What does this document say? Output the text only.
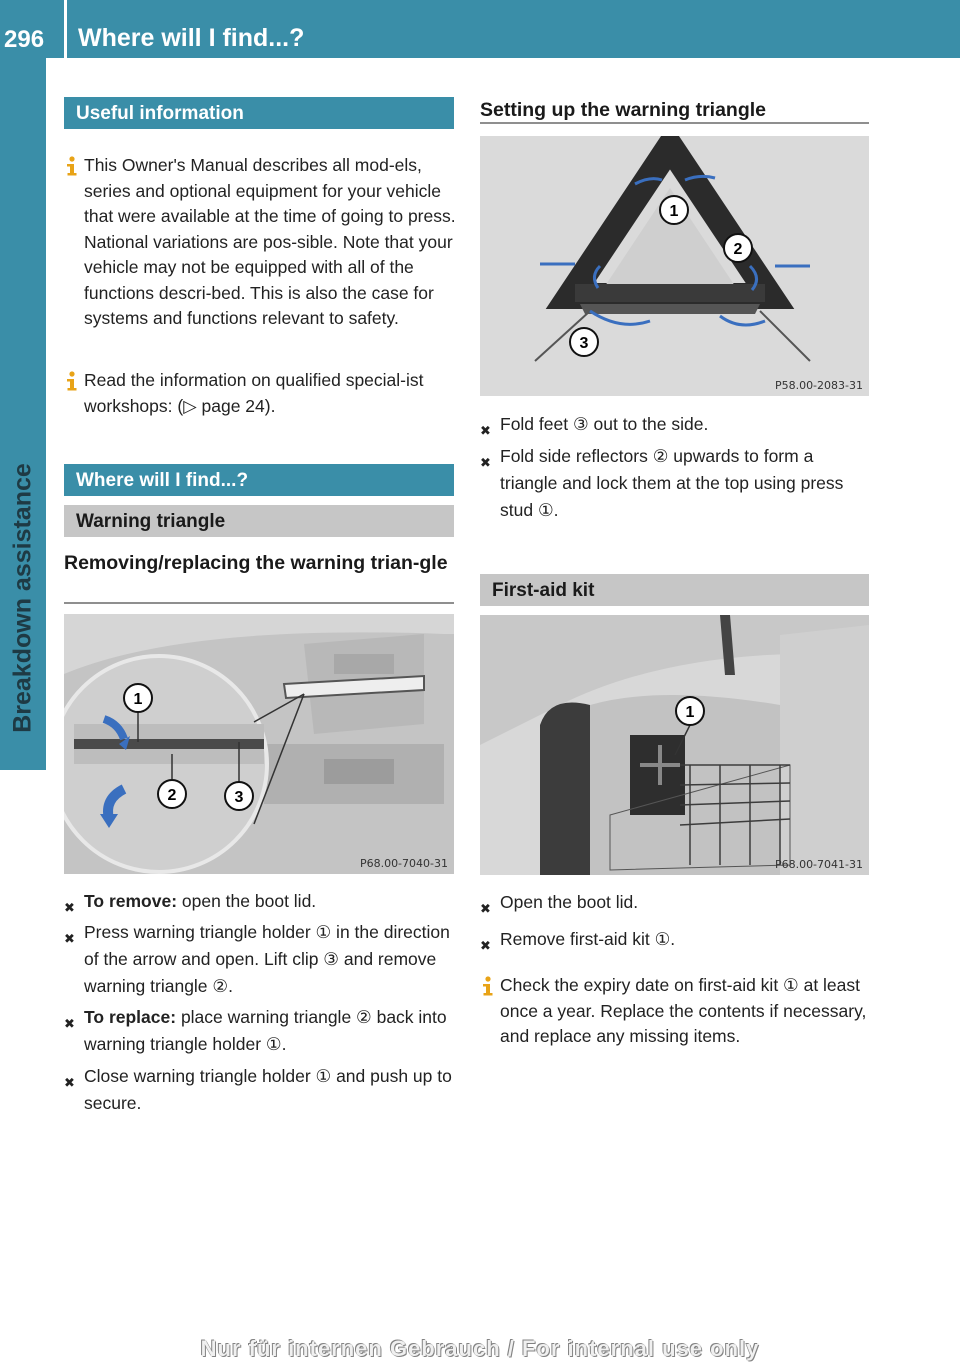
296 Where will I find...?
Breakdown assistance
Useful information
This Owner's Manual describes all mod-els, series and optional equipment for your vehicle that were available at the time of going to press. National variations are pos-sible. Note that your vehicle may not be equipped with all of the functions descri-bed. This is also the case for systems and functions relevant to safety.
Read the information on qualified special-ist workshops: (▷ page 24).
Where will I find...?
Warning triangle
Removing/replacing the warning trian-gle
1
2	3
P68.00-7040-31
✖ To remove: open the boot lid.
✖ Press warning triangle holder ① in the direction of the arrow and open. Lift clip ③ and remove warning triangle ②.
✖ To replace: place warning triangle ② back into warning triangle holder ①.
✖ Close warning triangle holder ① and push up to secure.
Setting up the warning triangle
1
2
3
P58.00-2083-31
✖ Fold feet ③ out to the side.
✖ Fold side reflectors ② upwards to form a triangle and lock them at the top using press stud ①.
First-aid kit
1
P68.00-7041-31
✖ Open the boot lid.
✖ Remove first-aid kit ①.
Check the expiry date on first-aid kit ① at least once a year. Replace the contents if necessary, and replace any missing items.
Nur für internen Gebrauch / For internal use only
